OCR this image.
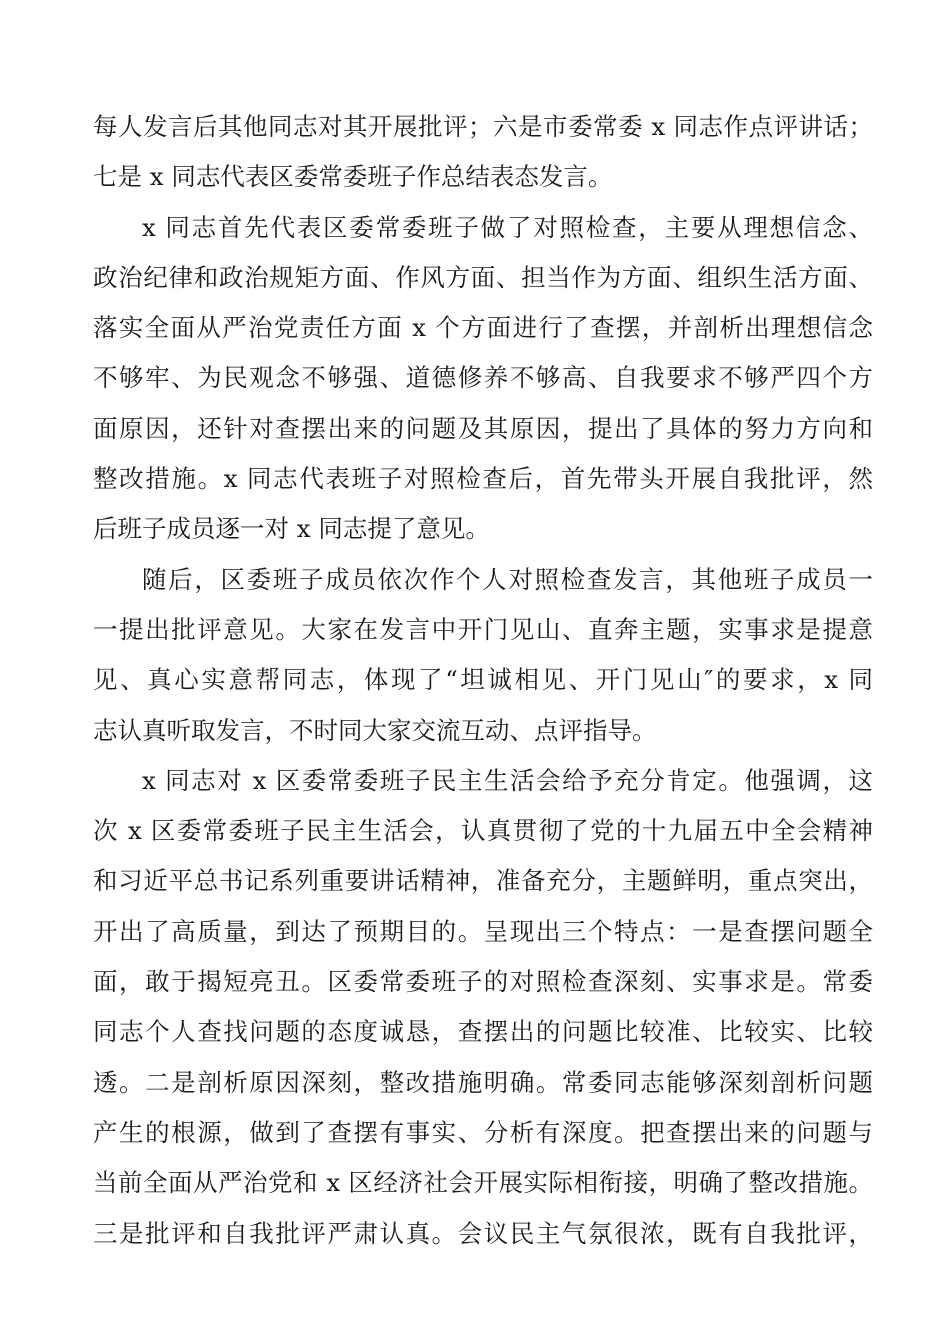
每人发言后其他同志对其开展批评；六是市委常委 x 同志作点评讲话；
七是 x 同志代表区委常委班子作总结表态发言。
x 同志首先代表区委常委班子做了对照检查，主要从理想信念、
政治纪律和政治规矩方面、作风方面、担当作为方面、组织生活方面、
落实全面从严治党责任方面 x 个方面进行了查摆，并剖析出理想信念
不够牢、为民观念不够强、道德修养不够高、自我要求不够严四个方
面原因，还针对查摆出来的问题及其原因，提出了具体的努力方向和
整改措施。x 同志代表班子对照检查后，首先带头开展自我批评，然
后班子成员逐一对 x 同志提了意见。
随后，区委班子成员依次作个人对照检查发言，其他班子成员一
一提出批评意见。大家在发言中开门见山、直奔主题，实事求是提意
见、真心实意帮同志，体现了“坦诚相见、开门见山″的要求，x 同
志认真听取发言，不时同大家交流互动、点评指导。
x 同志对 x 区委常委班子民主生活会给予充分肯定。他强调，这
次 x 区委常委班子民主生活会，认真贯彻了党的十九届五中全会精神
和习近平总书记系列重要讲话精神，准备充分，主题鲜明，重点突出，
开出了高质量，到达了预期目的。呈现出三个特点：一是查摆问题全
面，敢于揭短亮丑。区委常委班子的对照检查深刻、实事求是。常委
同志个人查找问题的态度诚恳，查摆出的问题比较准、比较实、比较
透。二是剖析原因深刻，整改措施明确。常委同志能够深刻剖析问题
产生的根源，做到了查摆有事实、分析有深度。把查摆出来的问题与
当前全面从严治党和 x 区经济社会开展实际相衔接，明确了整改措施。
三是批评和自我批评严肃认真。会议民主气氛很浓，既有自我批评，
